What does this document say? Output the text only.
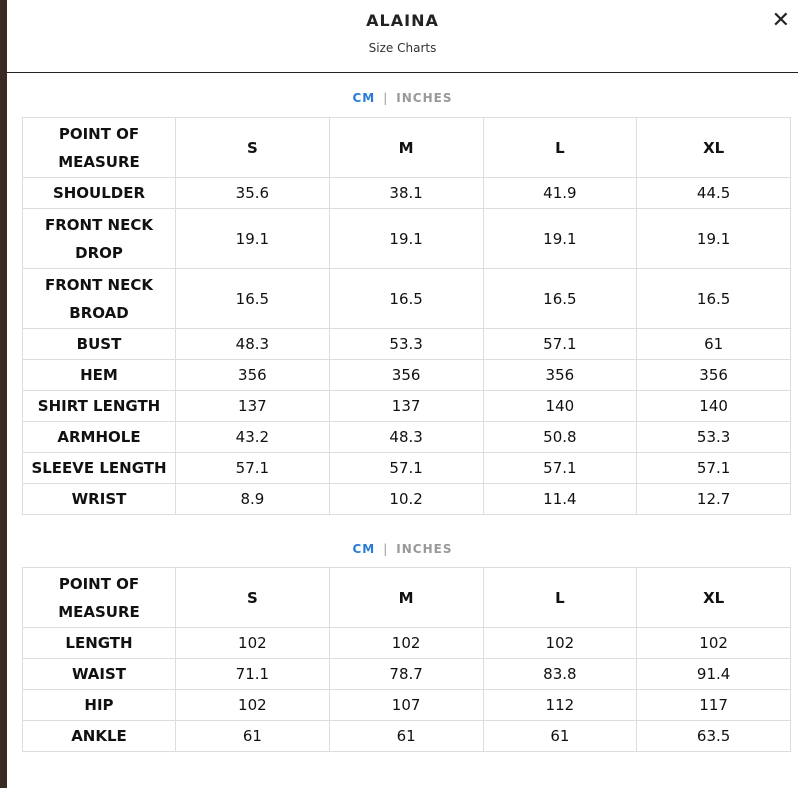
ALAINA
Size Charts
✕
CM | INCHES
POINT OF MEASURE	S	M	L	XL
SHOULDER	35.6	38.1	41.9	44.5
FRONT NECK DROP	19.1	19.1	19.1	19.1
FRONT NECK BROAD	16.5	16.5	16.5	16.5
BUST	48.3	53.3	57.1	61
HEM	356	356	356	356
SHIRT LENGTH	137	137	140	140
ARMHOLE	43.2	48.3	50.8	53.3
SLEEVE LENGTH	57.1	57.1	57.1	57.1
WRIST	8.9	10.2	11.4	12.7
CM | INCHES
POINT OF MEASURE	S	M	L	XL
LENGTH	102	102	102	102
WAIST	71.1	78.7	83.8	91.4
HIP	102	107	112	117
ANKLE	61	61	61	63.5
